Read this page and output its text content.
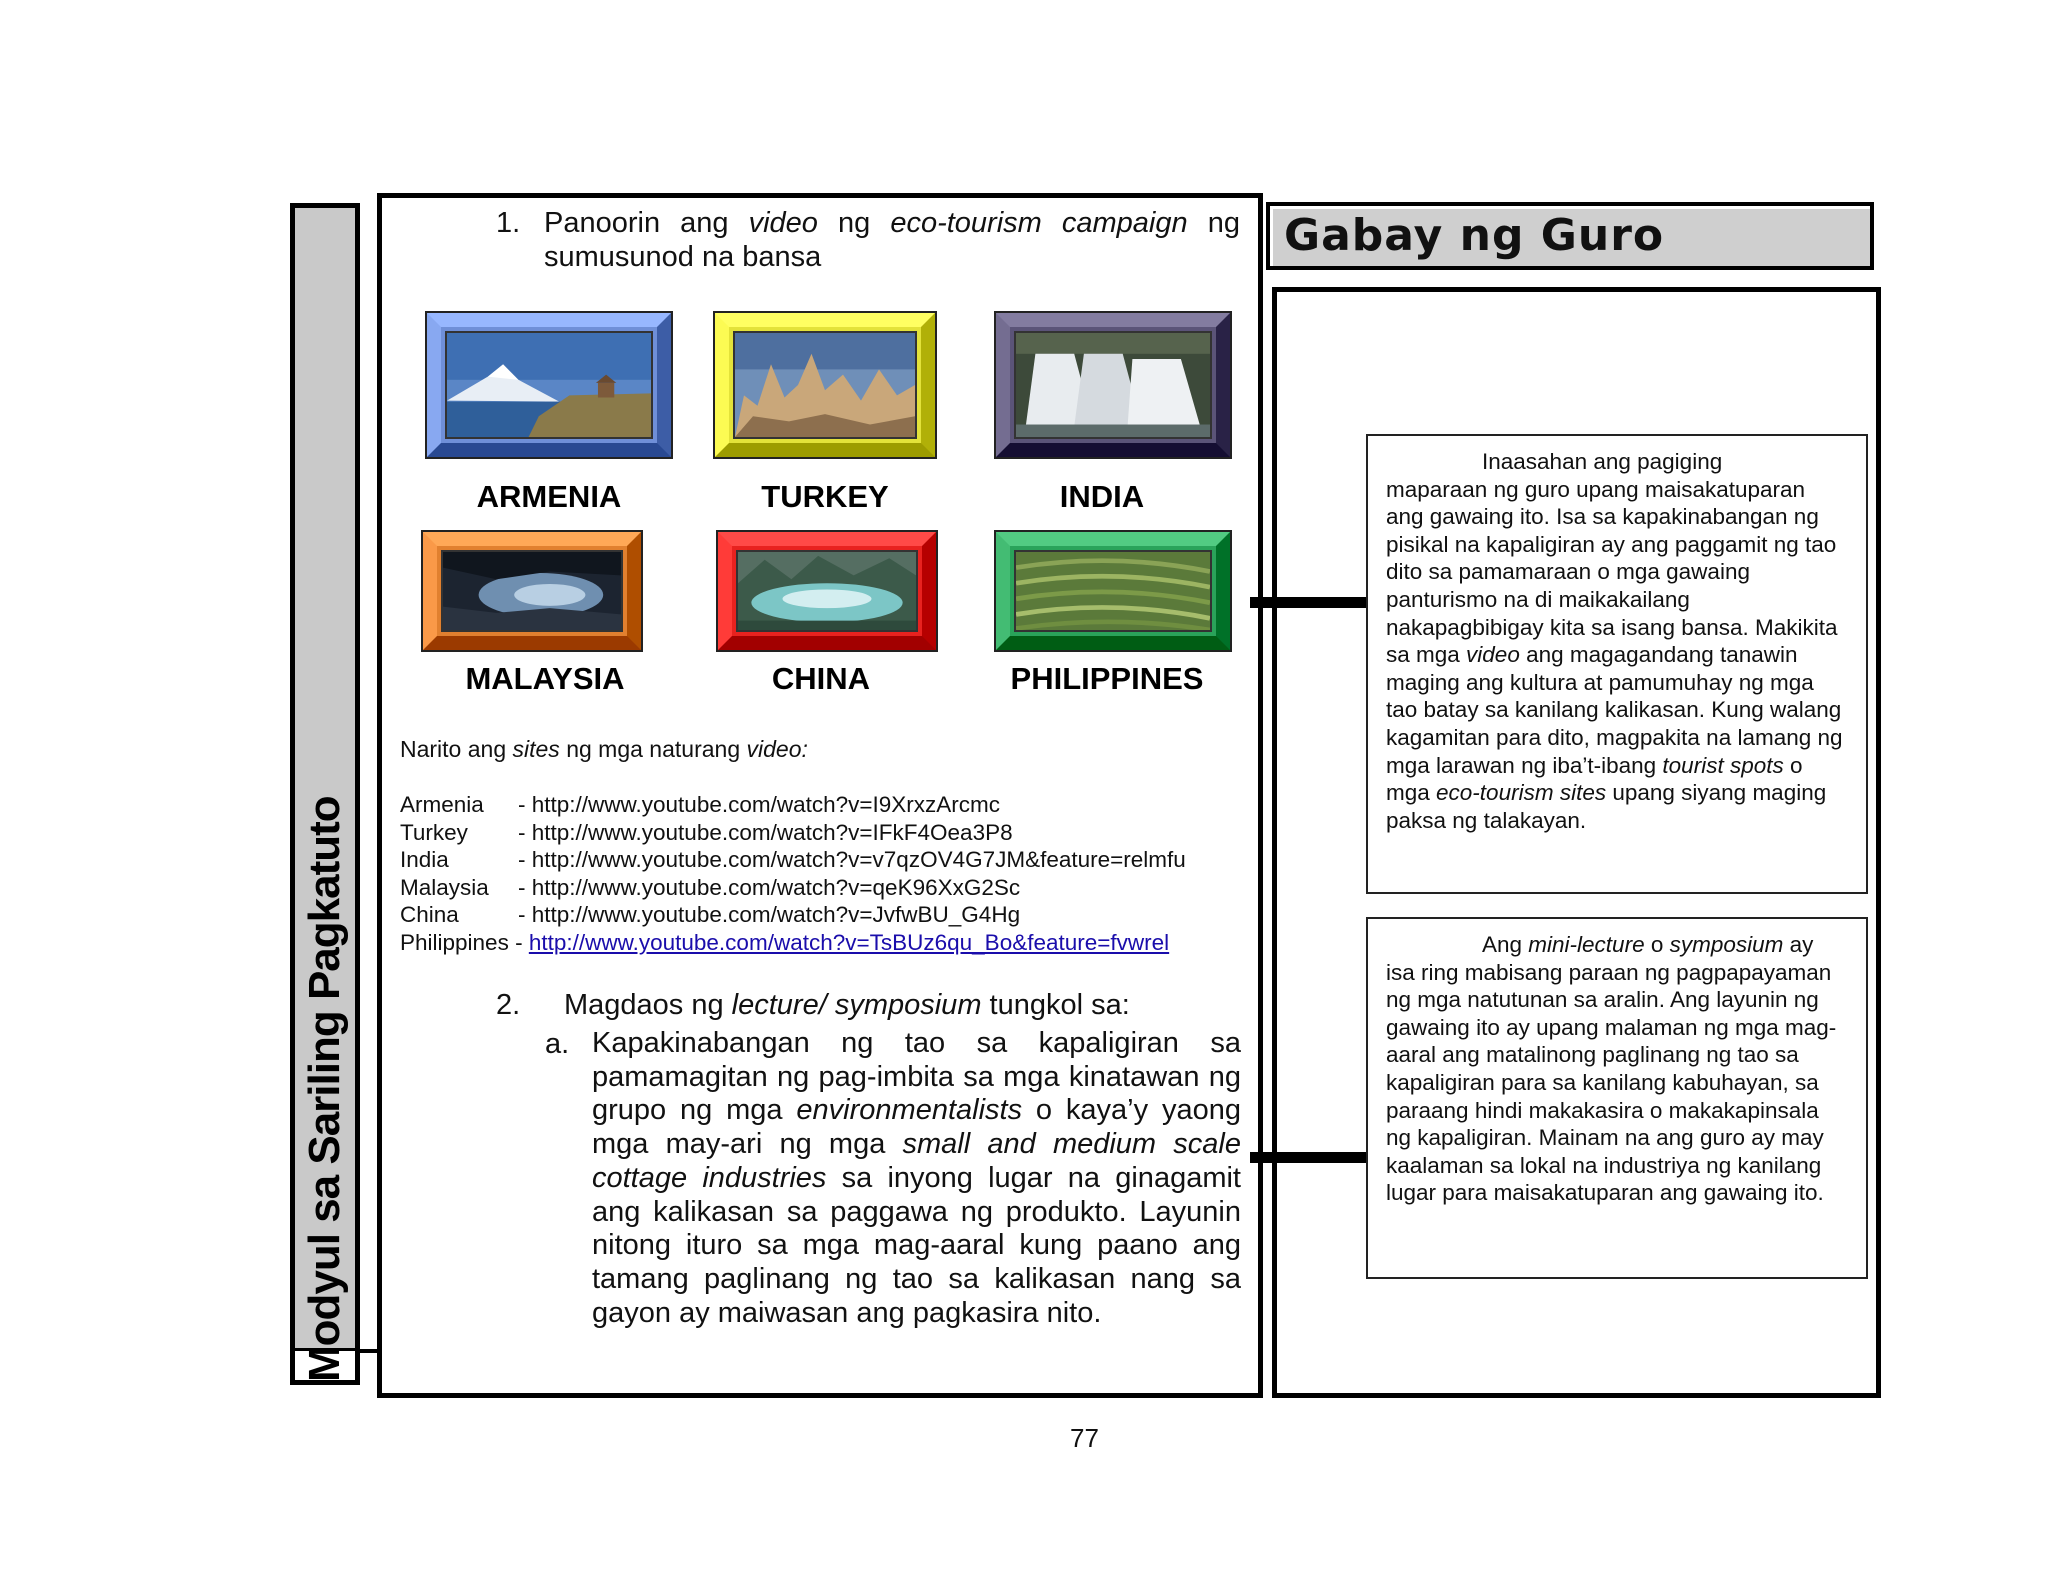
Modyul sa Sariling Pagkatuto
1. Panoorin ang video ng eco-tourism campaign ng
sumusunod na bansa
ARMENIA	TURKEY	INDIA
MALAYSIA	CHINA	PHILIPPINES
Narito ang sites ng mga naturang video:
Armenia - http://www.youtube.com/watch?v=I9XrxzArcmc
Turkey - http://www.youtube.com/watch?v=IFkF4Oea3P8
India	- http://www.youtube.com/watch?v=v7qzOV4G7JM&feature=relmfu
Malaysia - http://www.youtube.com/watch?v=qeK96XxG2Sc
China	- http://www.youtube.com/watch?v=JvfwBU_G4Hg
Philippines - http://www.youtube.com/watch?v=TsBUz6qu_Bo&feature=fvwrel
2. Magdaos ng lecture/ symposium tungkol sa:
a. Kapakinabangan ng tao sa kapaligiran sa pamamagitan ng pag-imbita sa mga kinatawan ng grupo ng mga environmentalists o kaya’y yaong mga may-ari ng mga small and medium scale cottage industries sa inyong lugar na ginagamit ang kalikasan sa paggawa ng produkto. Layunin nitong ituro sa mga mag-aaral kung paano ang tamang paglinang ng tao sa kalikasan nang sa gayon ay maiwasan ang pagkasira nito.
Gabay ng Guro
Inaasahan ang pagiging
maparaan ng guro upang maisakatuparan ang gawaing ito. Isa sa kapakinabangan ng pisikal na kapaligiran ay ang paggamit ng tao dito sa pamamaraan o mga gawaing panturismo na di maikakailang nakapagbibigay kita sa isang bansa. Makikita sa mga video ang magagandang tanawin maging ang kultura at pamumuhay ng mga tao batay sa kanilang kalikasan. Kung walang kagamitan para dito, magpakita na lamang ng mga larawan ng iba’t-ibang tourist spots o mga eco-tourism sites upang siyang maging paksa ng talakayan.
Ang mini-lecture o symposium ay isa ring mabisang paraan ng pagpapayaman ng mga natutunan sa aralin. Ang layunin ng gawaing ito ay upang malaman ng mga mag-aaral ang matalinong paglinang ng tao sa kapaligiran para sa kanilang kabuhayan, sa paraang hindi makakasira o makakapinsala ng kapaligiran. Mainam na ang guro ay may kaalaman sa lokal na industriya ng kanilang lugar para maisakatuparan ang gawaing ito.
77
